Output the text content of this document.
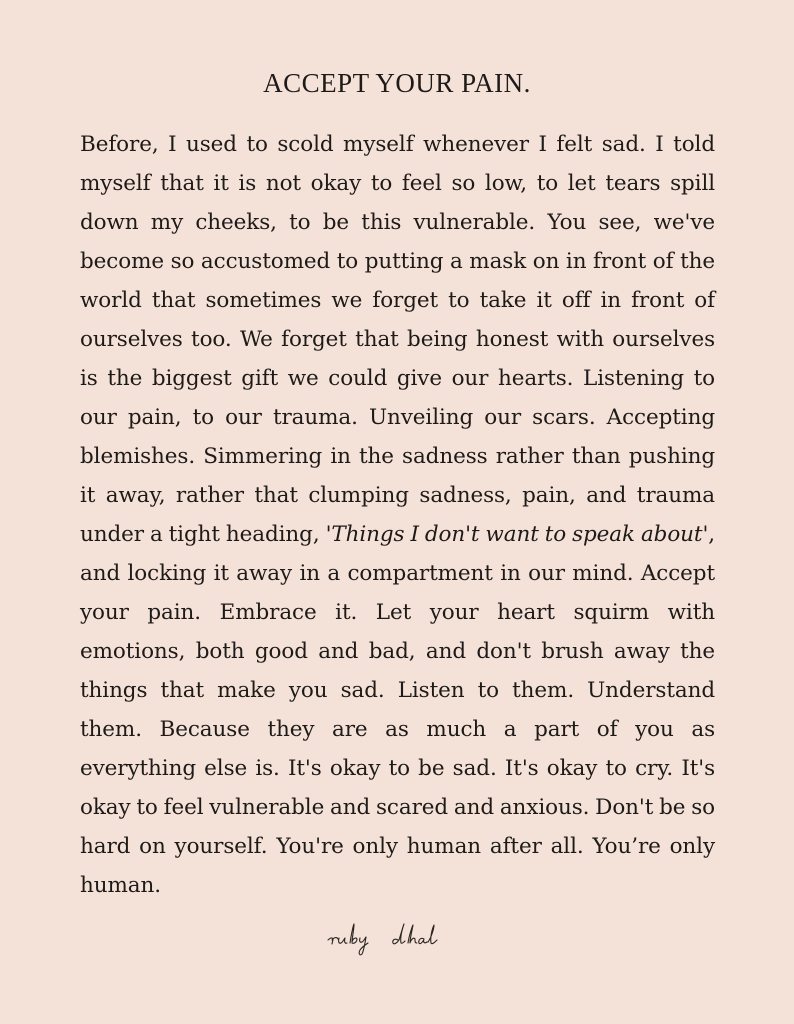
ACCEPT YOUR PAIN.

Before, I used to scold myself whenever I felt sad. I told myself that it is not okay to feel so low, to let tears spill down my cheeks, to be this vulnerable. You see, we've become so accustomed to putting a mask on in front of the world that sometimes we forget to take it off in front of ourselves too. We forget that being honest with ourselves is the biggest gift we could give our hearts. Listening to our pain, to our trauma. Unveiling our scars. Accepting blemishes. Simmering in the sadness rather than pushing it away, rather that clumping sadness, pain, and trauma under a tight heading, 'Things I don't want to speak about', and locking it away in a compartment in our mind. Accept your pain. Embrace it. Let your heart squirm with emotions, both good and bad, and don't brush away the things that make you sad. Listen to them. Understand them. Because they are as much a part of you as everything else is. It's okay to be sad. It's okay to cry. It's okay to feel vulnerable and scared and anxious. Don't be so hard on yourself. You're only human after all. You’re only human.
